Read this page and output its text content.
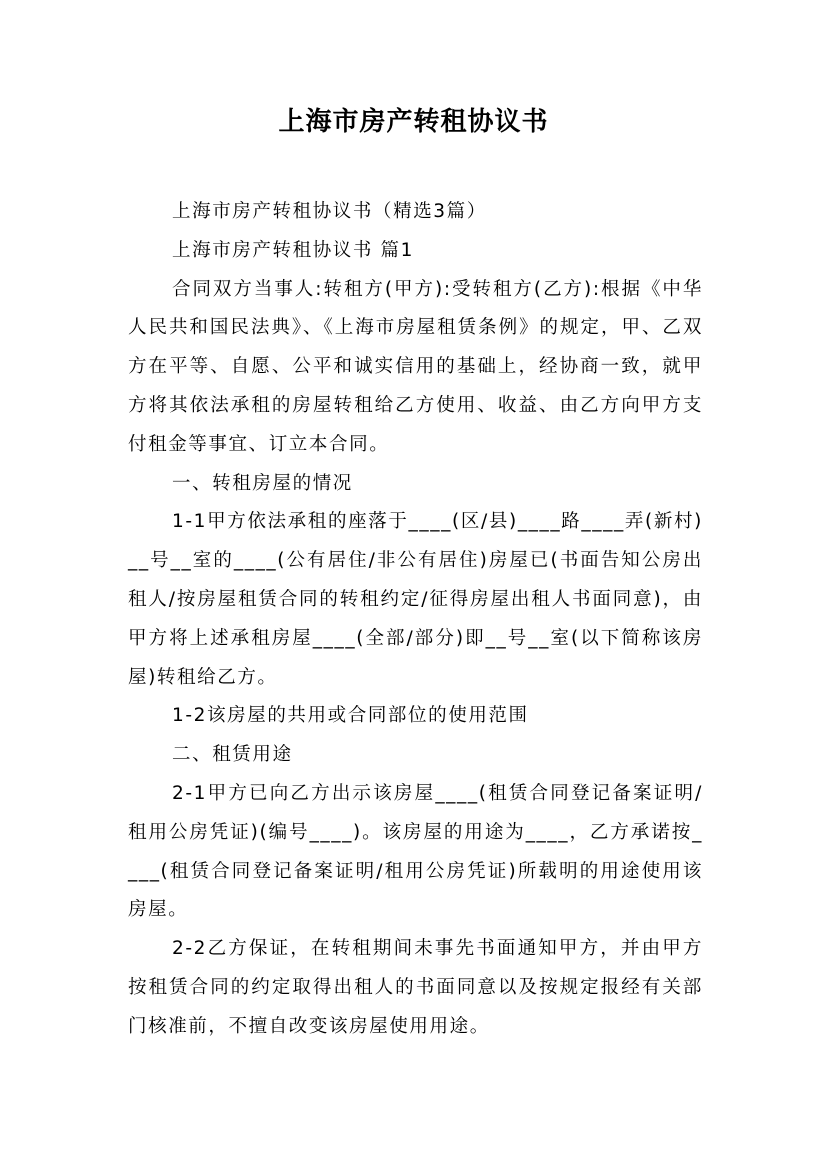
上海市房产转租协议书

上海市房产转租协议书（精选3篇）

上海市房产转租协议书 篇1

合同双方当事人:转租方(甲方):受转租方(乙方):根据《中华人民共和国民法典》、《上海市房屋租赁条例》的规定，甲、乙双方在平等、自愿、公平和诚实信用的基础上，经协商一致，就甲方将其依法承租的房屋转租给乙方使用、收益、由乙方向甲方支付租金等事宜、订立本合同。

一、转租房屋的情况

1-1甲方依法承租的座落于____(区/县)____路____弄(新村)__号__室的____(公有居住/非公有居住)房屋已(书面告知公房出租人/按房屋租赁合同的转租约定/征得房屋出租人书面同意)，由甲方将上述承租房屋____(全部/部分)即__号__室(以下简称该房屋)转租给乙方。

1-2该房屋的共用或合同部位的使用范围

二、租赁用途

2-1甲方已向乙方出示该房屋____(租赁合同登记备案证明/租用公房凭证)(编号____)。该房屋的用途为____，乙方承诺按____(租赁合同登记备案证明/租用公房凭证)所载明的用途使用该房屋。

2-2乙方保证，在转租期间未事先书面通知甲方，并由甲方按租赁合同的约定取得出租人的书面同意以及按规定报经有关部门核准前，不擅自改变该房屋使用用途。
